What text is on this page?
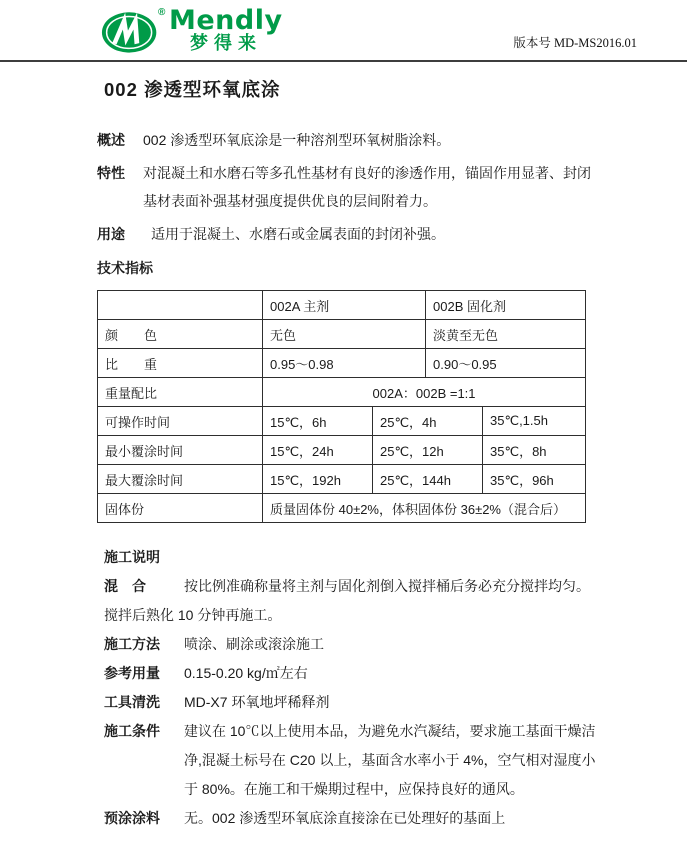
® Mendly
梦得来	版本号 MD-MS2016.01
002 渗透型环氧底涂
概述	002 渗透型环氧底涂是一种溶剂型环氧树脂涂料。
特性	对混凝土和水磨石等多孔性基材有良好的渗透作用，锚固作用显著、封闭基材表面补强基材强度提供优良的层间附着力。
用途	适用于混凝土、水磨石或金属表面的封闭补强。
技术指标
	002A 主剂		002B 固化剂	
颜　　色	无色		淡黄至无色	
比　　重	0.95～0.98		0.90～0.95	
重量配比	002A：002B =1:1			
可操作时间	15℃，6h	25℃，4h		35℃,1.5h
最小覆涂时间	15℃，24h	25℃，12h		35℃，8h
最大覆涂时间	15℃，192h	25℃，144h		35℃，96h
固体份	质量固体份 40±2%，体积固体份 36±2%（混合后）			
施工说明

混　合	按比例准确称量将主剂与固化剂倒入搅拌桶后务必充分搅拌均匀。

搅拌后熟化 10 分钟再施工。
施工方法	喷涂、刷涂或滚涂施工
参考用量	0.15-0.20 kg/㎡左右
工具清洗	MD-X7 环氧地坪稀释剂
施工条件	建议在 10℃以上使用本品，为避免水汽凝结，要求施工基面干燥洁净,混凝土标号在 C20 以上，基面含水率小于 4%，空气相对湿度小于 80%。在施工和干燥期过程中，应保持良好的通风。
预涂涂料	无。002 渗透型环氧底涂直接涂在已处理好的基面上
